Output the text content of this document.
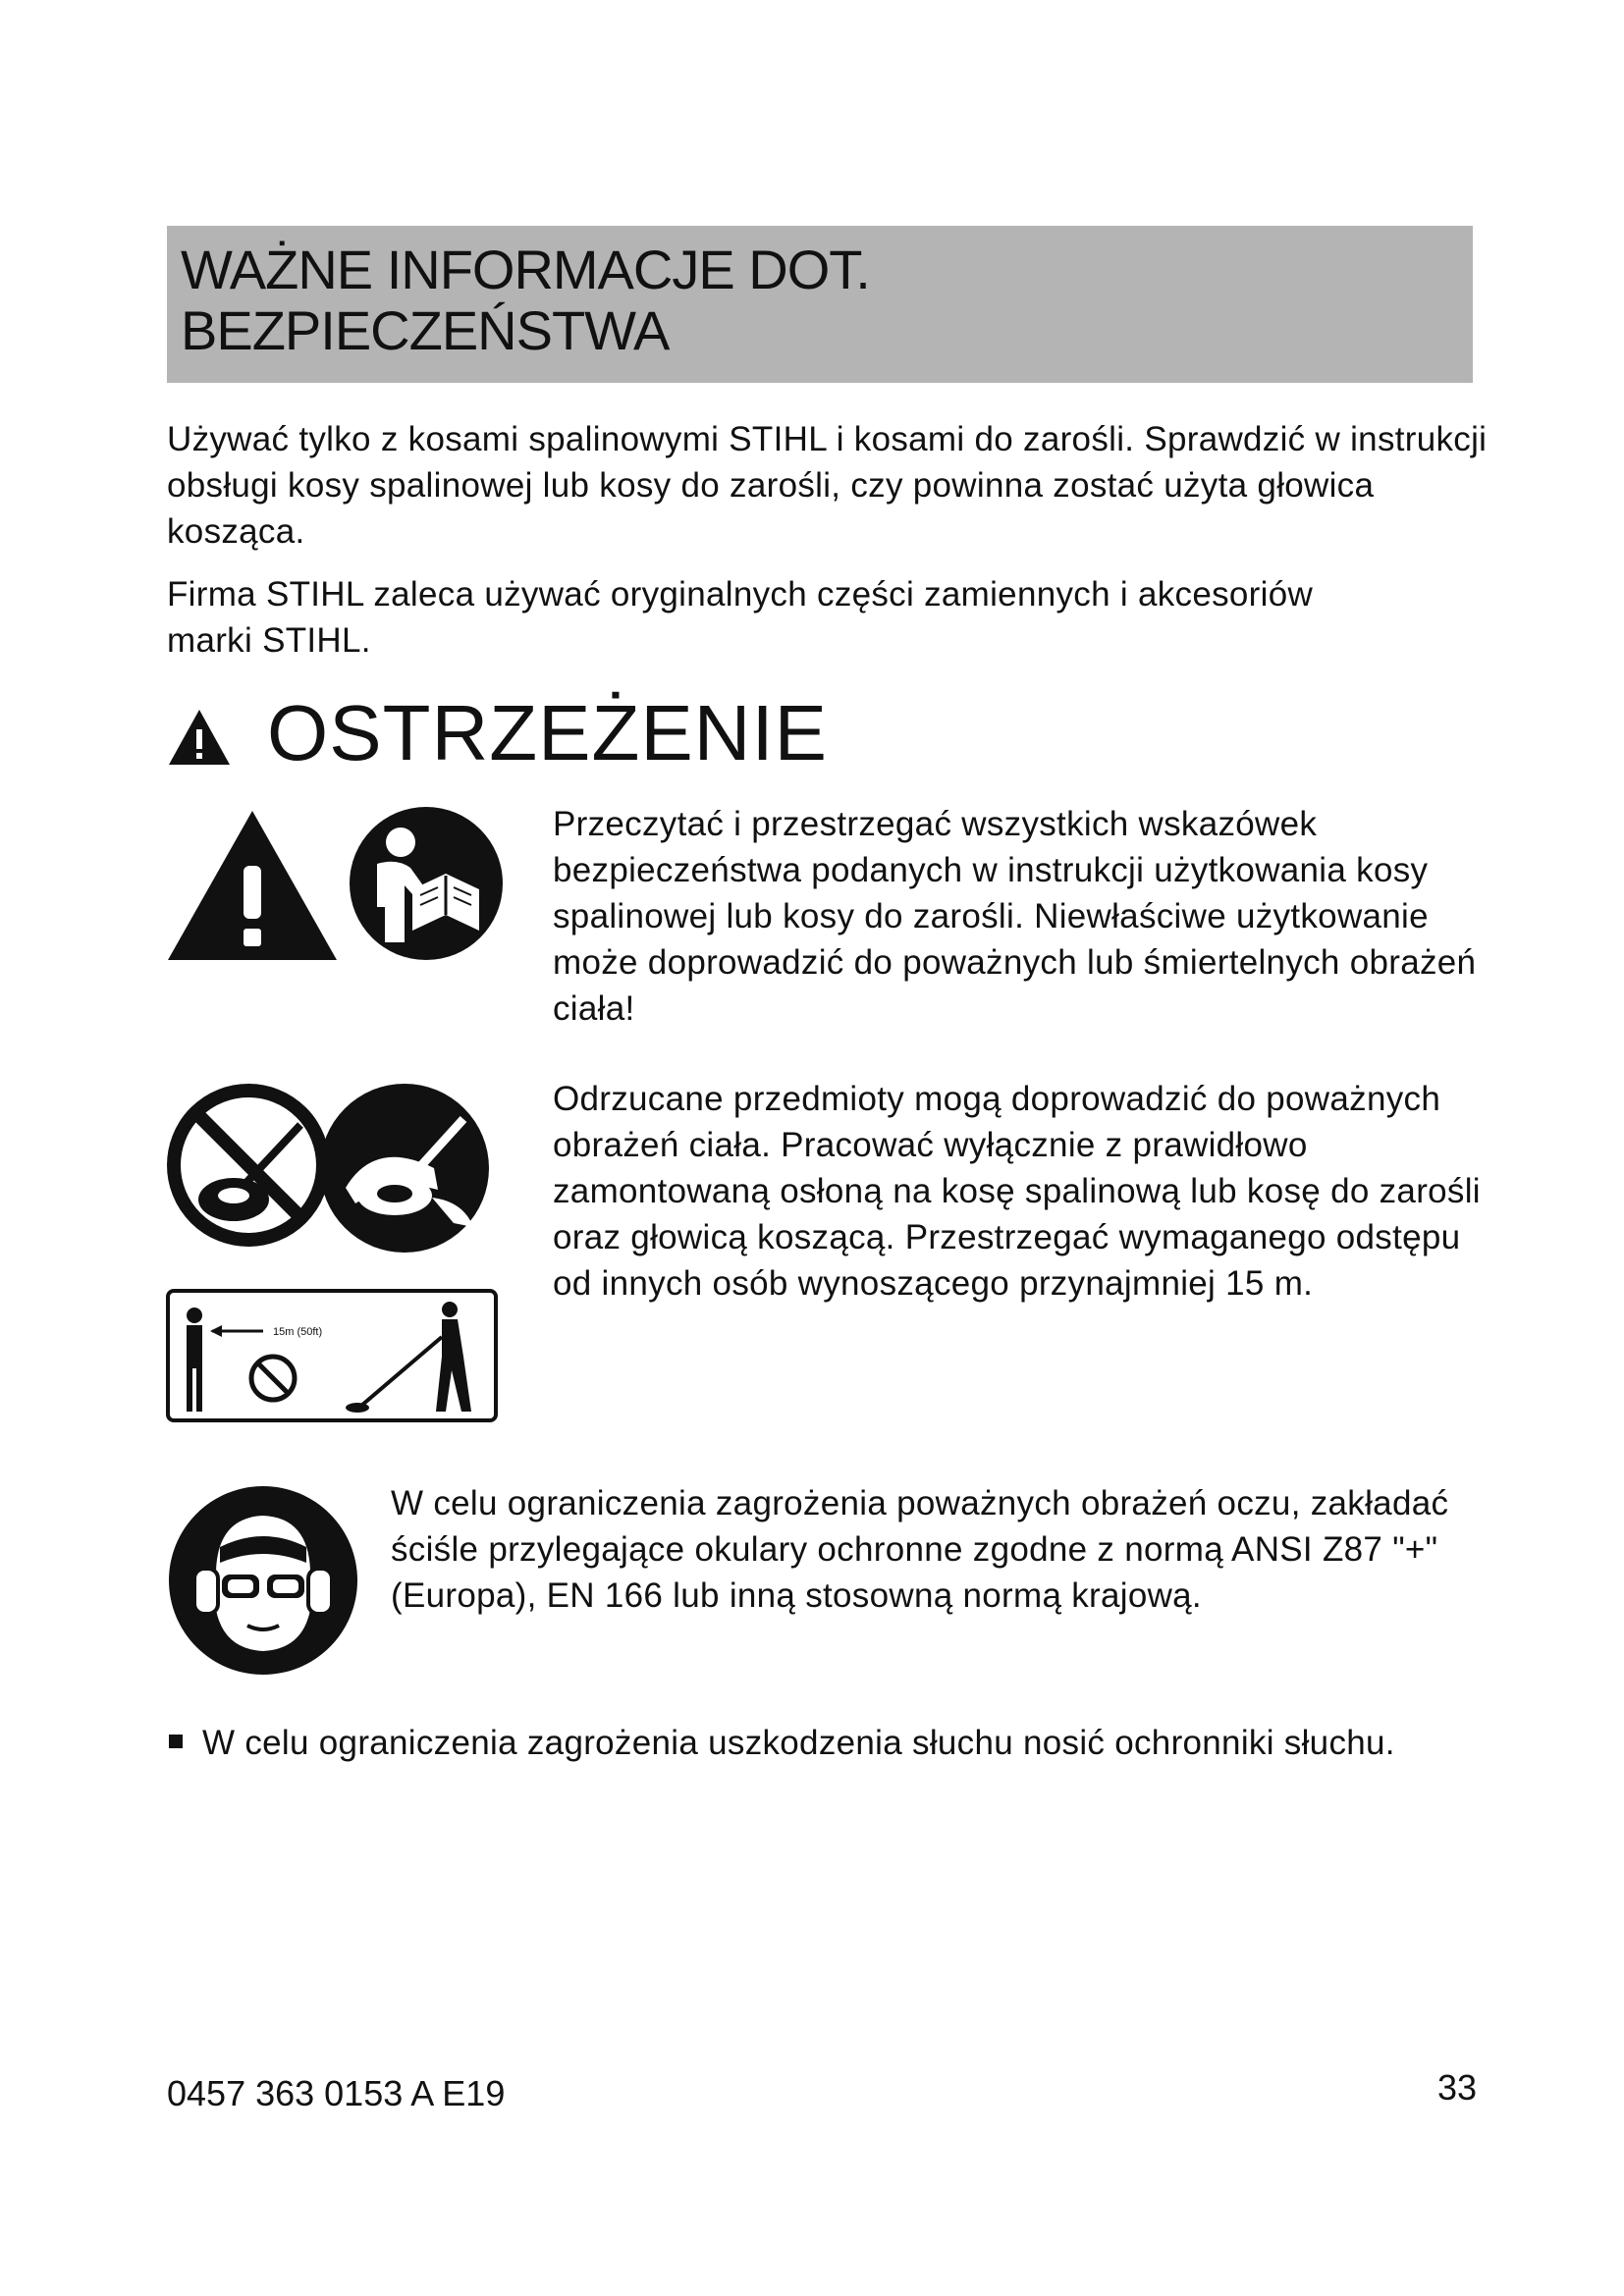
WAŻNE INFORMACJE DOT.
BEZPIECZEŃSTWA

Używać tylko z kosami spalinowymi STIHL i kosami do zarośli. Sprawdzić w instrukcji obsługi kosy spalinowej lub kosy do zarośli, czy powinna zostać użyta głowica kosząca.

Firma STIHL zaleca używać oryginalnych części zamiennych i akcesoriów marki STIHL.

OSTRZEŻENIE

Przeczytać i przestrzegać wszystkich wskazówek bezpieczeństwa podanych w instrukcji użytkowania kosy spalinowej lub kosy do zarośli. Niewłaściwe użytkowanie może doprowadzić do poważnych lub śmiertelnych obrażeń ciała!

15m (50ft)

Odrzucane przedmioty mogą doprowadzić do poważnych obrażeń ciała. Pracować wyłącznie z prawidłowo zamontowaną osłoną na kosę spalinową lub kosę do zarośli oraz głowicą koszącą. Przestrzegać wymaganego odstępu od innych osób wynoszącego przynajmniej 15 m.

W celu ograniczenia zagrożenia poważnych obrażeń oczu, zakładać ściśle przylegające okulary ochronne zgodne z normą ANSI Z87 "+" (Europa), EN 166 lub inną stosowną normą krajową.

W celu ograniczenia zagrożenia uszkodzenia słuchu nosić ochronniki słuchu.

0457 363 0153 A E19	33
